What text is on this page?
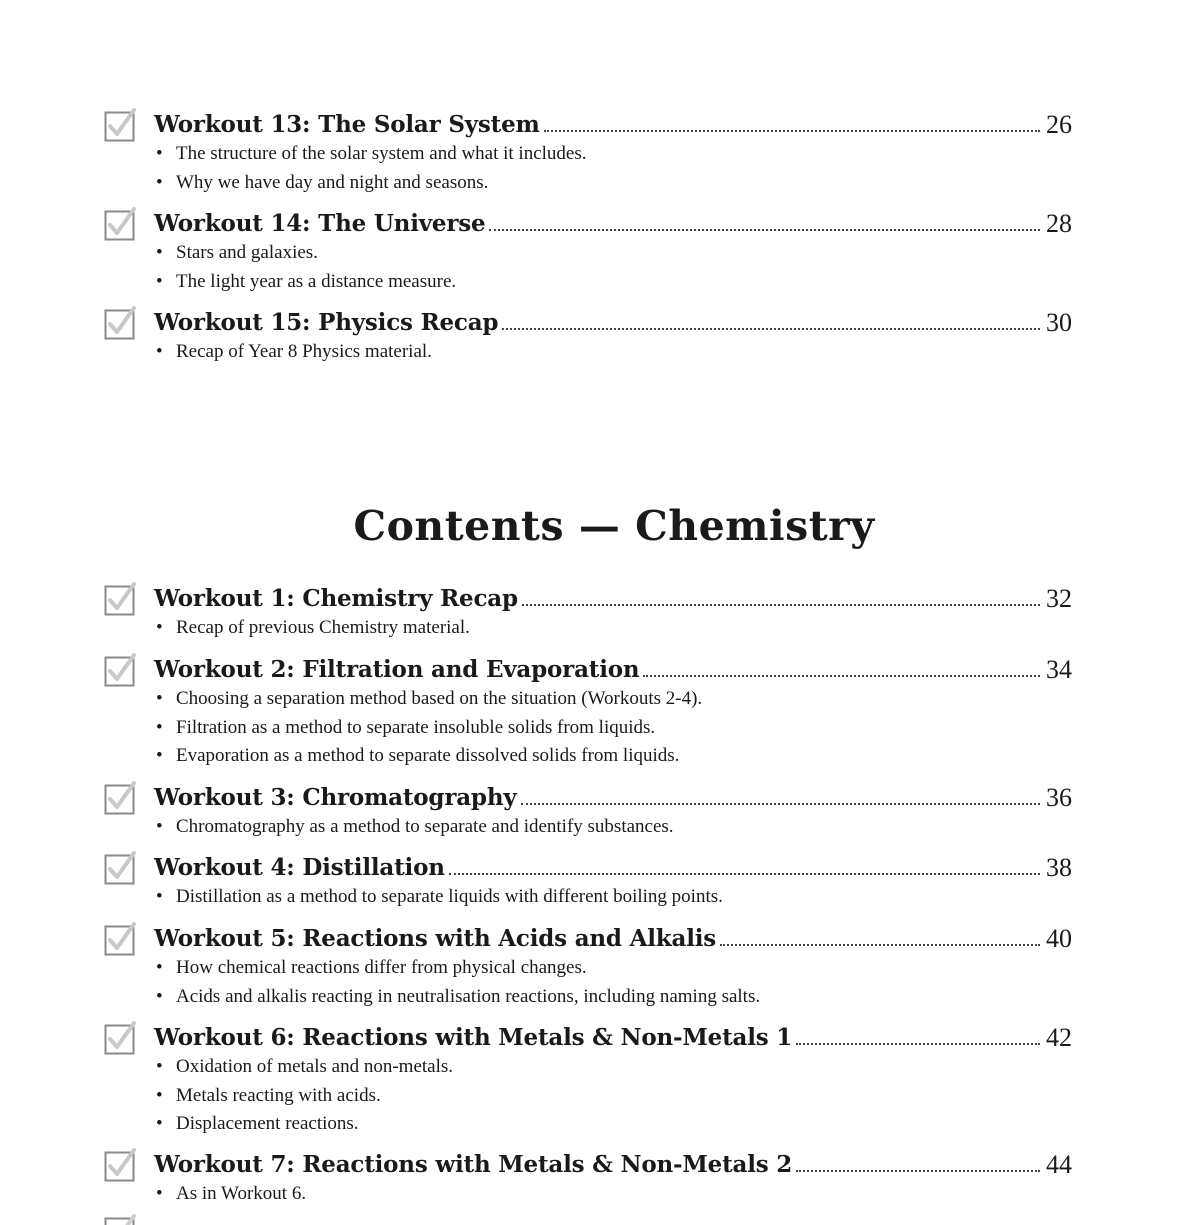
Workout 13: The Solar System	26
• The structure of the solar system and what it includes.
• Why we have day and night and seasons.
Workout 14: The Universe	28
• Stars and galaxies.
• The light year as a distance measure.
Workout 15: Physics Recap	30
• Recap of Year 8 Physics material.
Contents — Chemistry
Workout 1: Chemistry Recap	32
• Recap of previous Chemistry material.
Workout 2: Filtration and Evaporation	34
• Choosing a separation method based on the situation (Workouts 2-4).
• Filtration as a method to separate insoluble solids from liquids.
• Evaporation as a method to separate dissolved solids from liquids.
Workout 3: Chromatography	36
• Chromatography as a method to separate and identify substances.
Workout 4: Distillation	38
• Distillation as a method to separate liquids with different boiling points.
Workout 5: Reactions with Acids and Alkalis	40
• How chemical reactions differ from physical changes.
• Acids and alkalis reacting in neutralisation reactions, including naming salts.
Workout 6: Reactions with Metals & Non-Metals 1	42
• Oxidation of metals and non-metals.
• Metals reacting with acids.
• Displacement reactions.
Workout 7: Reactions with Metals & Non-Metals 2	44
• As in Workout 6.
